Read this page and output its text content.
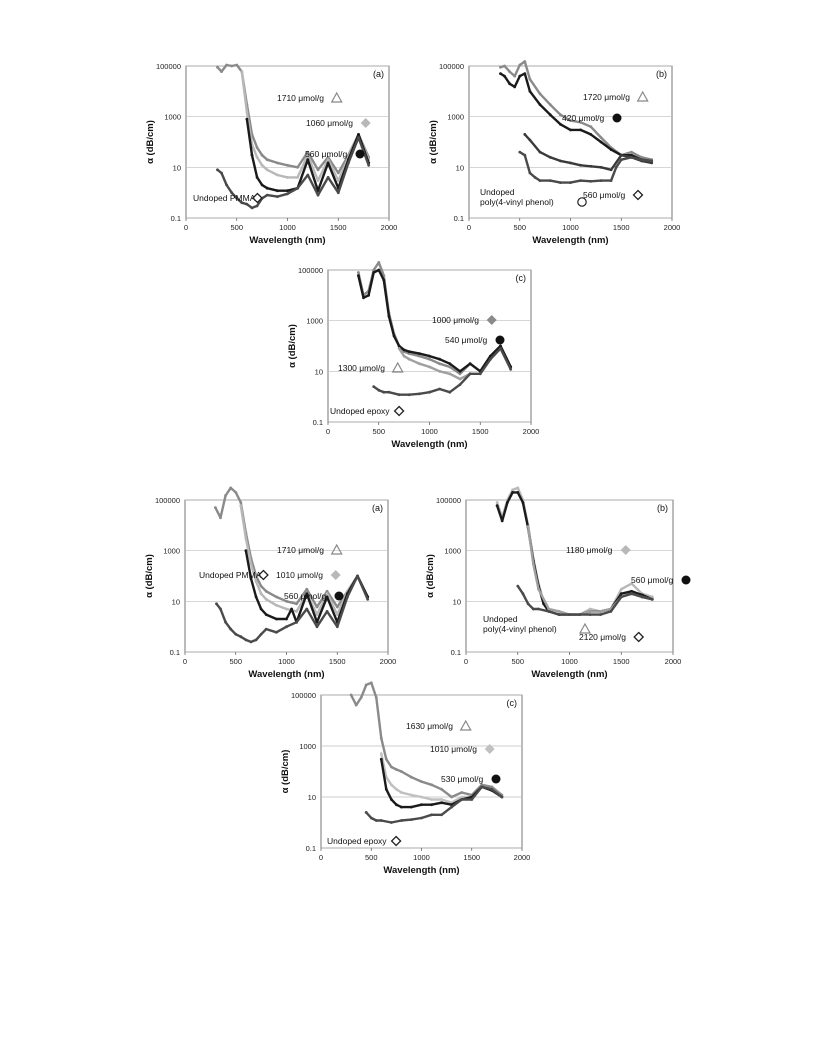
0.1
10
1000
100000
0	500	1000	1500	2000
Wavelength (nm)
α (dB/cm)
(a)
1710 μmol/g
1060 μmol/g
560 μmol/g
Undoped PMMA
0.1
10
1000
100000
0	500	1000	1500	2000
Wavelength (nm)
α (dB/cm)
(b)
1720 μmol/g
420 μmol/g
Undoped
poly(4-vinyl phenol)
560 μmol/g
0.1
10
1000
100000
0	500	1000	1500	2000
Wavelength (nm)
α (dB/cm)
(c)
1000 μmol/g
540 μmol/g
1300 μmol/g
Undoped epoxy
0.1
10
1000
100000
0	500	1000	1500	2000
Wavelength (nm)
α (dB/cm)
(a)
1710 μmol/g
1010 μmol/g
560 μmol/g
Undoped PMMA
0.1
10
1000
100000
0	500	1000	1500	2000
Wavelength (nm)
α (dB/cm)
(b)
1180 μmol/g
560 μmol/g
Undoped
poly(4-vinyl phenol)
2120 μmol/g
0.1
10
1000
100000
0	500	1000	1500	2000
Wavelength (nm)
α (dB/cm)
(c)
1630 μmol/g
1010 μmol/g
530 μmol/g
Undoped epoxy
